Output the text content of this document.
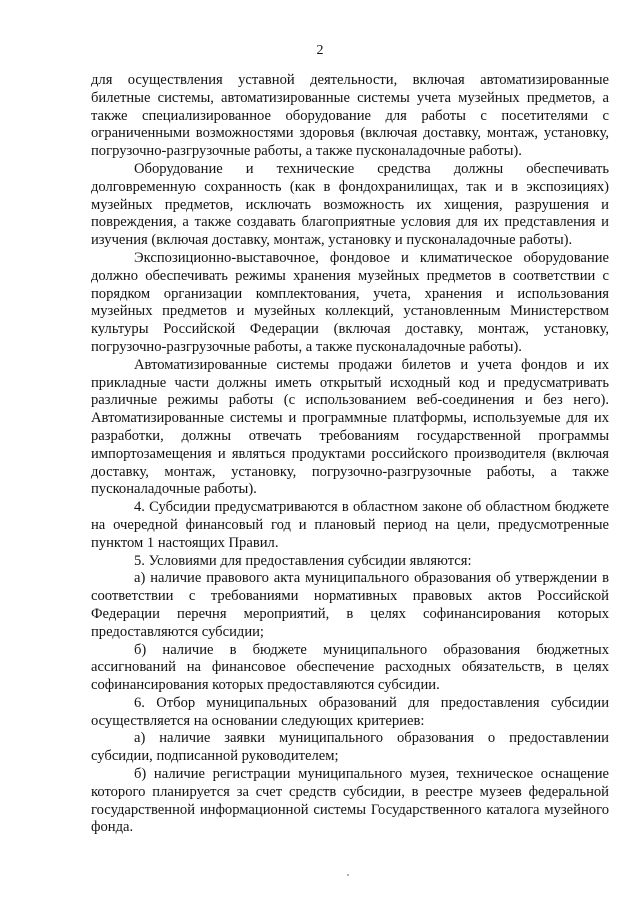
2

для осуществления уставной деятельности, включая автоматизированные билетные системы, автоматизированные системы учета музейных предметов, а также специализированное оборудование для работы с посетителями с ограниченными возможностями здоровья (включая доставку, монтаж, установку, погрузочно-разгрузочные работы, а также пусконаладочные работы).

Оборудование и технические средства должны обеспечивать долговременную сохранность (как в фондохранилищах, так и в экспозициях) музейных предметов, исключать возможность их хищения, разрушения и повреждения, а также создавать благоприятные условия для их представления и изучения (включая доставку, монтаж, установку и пусконаладочные работы).

Экспозиционно-выставочное, фондовое и климатическое оборудование должно обеспечивать режимы хранения музейных предметов в соответствии с порядком организации комплектования, учета, хранения и использования музейных предметов и музейных коллекций, установленным Министерством культуры Российской Федерации (включая доставку, монтаж, установку, погрузочно-разгрузочные работы, а также пусконаладочные работы).

Автоматизированные системы продажи билетов и учета фондов и их прикладные части должны иметь открытый исходный код и предусматривать различные режимы работы (с использованием веб-соединения и без него). Автоматизированные системы и программные платформы, используемые для их разработки, должны отвечать требованиям государственной программы импортозамещения и являться продуктами российского производителя (включая доставку, монтаж, установку, погрузочно-разгрузочные работы, а также пусконаладочные работы).

4. Субсидии предусматриваются в областном законе об областном бюджете на очередной финансовый год и плановый период на цели, предусмотренные пунктом 1 настоящих Правил.

5. Условиями для предоставления субсидии являются:

а) наличие правового акта муниципального образования об утверждении в соответствии с требованиями нормативных правовых актов Российской Федерации перечня мероприятий, в целях софинансирования которых предоставляются субсидии;

б) наличие в бюджете муниципального образования бюджетных ассигнований на финансовое обеспечение расходных обязательств, в целях софинансирования которых предоставляются субсидии.

6. Отбор муниципальных образований для предоставления субсидии осуществляется на основании следующих критериев:

а) наличие заявки муниципального образования о предоставлении субсидии, подписанной руководителем;

б) наличие регистрации муниципального музея, техническое оснащение которого планируется за счет средств субсидии, в реестре музеев федеральной государственной информационной системы Государственного каталога музейного фонда.
